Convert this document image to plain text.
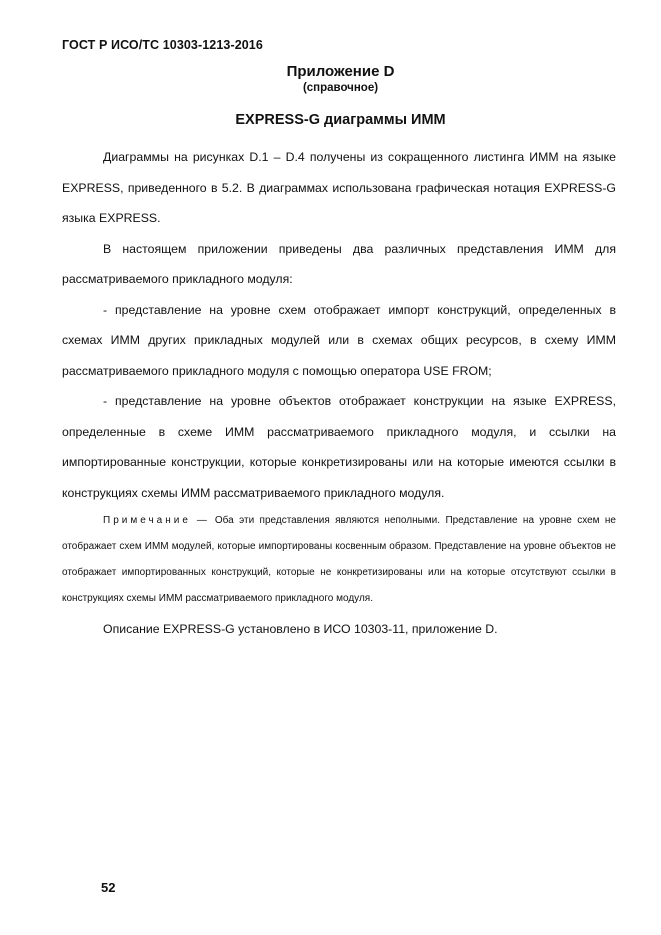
ГОСТ Р ИСО/ТС 10303-1213-2016
Приложение D
(справочное)
EXPRESS-G диаграммы ИММ

Диаграммы на рисунках D.1 – D.4 получены из сокращенного листинга ИММ на языке EXPRESS, приведенного в 5.2. В диаграммах использована графическая нотация EXPRESS-G языка EXPRESS.

В настоящем приложении приведены два различных представления ИММ для рассматриваемого прикладного модуля:

- представление на уровне схем отображает импорт конструкций, определенных в схемах ИММ других прикладных модулей или в схемах общих ресурсов, в схему ИММ рассматриваемого прикладного модуля с помощью оператора USE FROM;

- представление на уровне объектов отображает конструкции на языке EXPRESS, определенные в схеме ИММ рассматриваемого прикладного модуля, и ссылки на импортированные конструкции, которые конкретизированы или на которые имеются ссылки в конструкциях схемы ИММ рассматриваемого прикладного модуля.

Примечание — Оба эти представления являются неполными. Представление на уровне схем не отображает схем ИММ модулей, которые импортированы косвенным образом. Представление на уровне объектов не отображает импортированных конструкций, которые не конкретизированы или на которые отсутствуют ссылки в конструкциях схемы ИММ рассматриваемого прикладного модуля.

Описание EXPRESS-G установлено в ИСО 10303-11, приложение D.

52
